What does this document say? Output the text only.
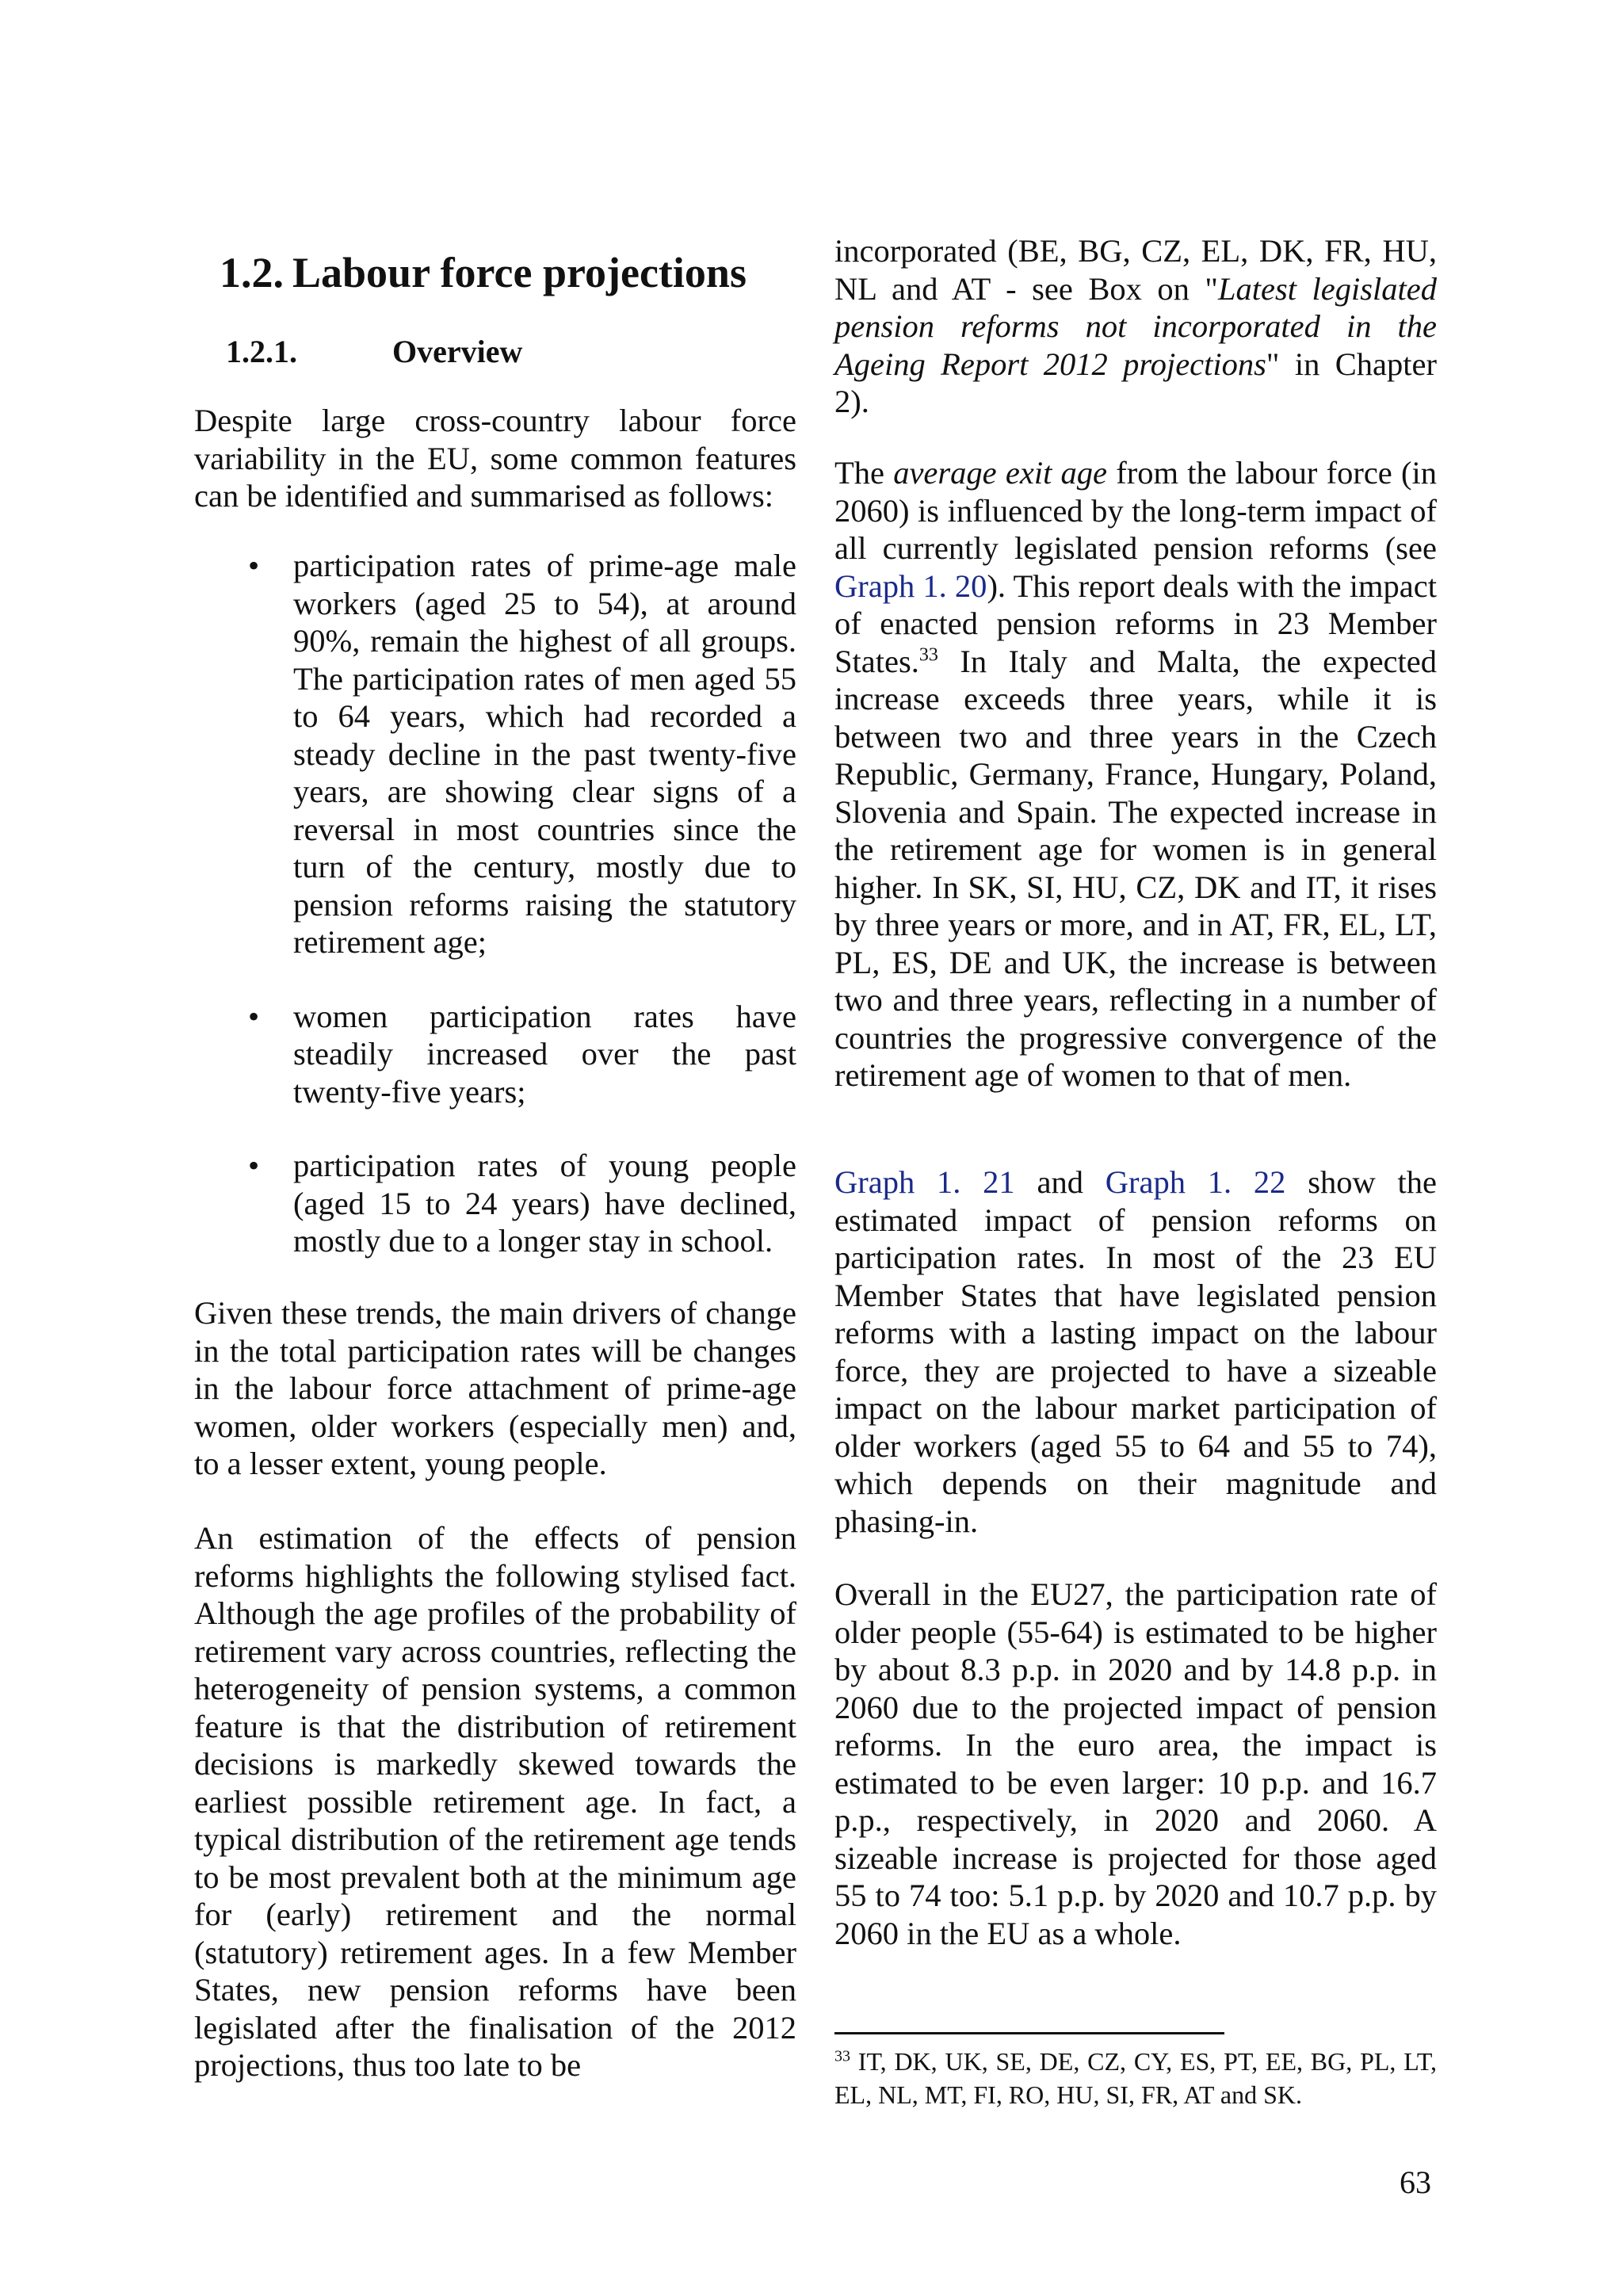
1.2. Labour force projections
1.2.1.	Overview

Despite large cross-country labour force variability in the EU, some common features can be identified and summarised as follows:

• participation rates of prime-age male workers (aged 25 to 54), at around 90%, remain the highest of all groups. The participation rates of men aged 55 to 64 years, which had recorded a steady decline in the past twenty-five years, are showing clear signs of a reversal in most countries since the turn of the century, mostly due to pension reforms raising the statutory retirement age;
• women participation rates have steadily increased over the past twenty-five years;
• participation rates of young people (aged 15 to 24 years) have declined, mostly due to a longer stay in school.

Given these trends, the main drivers of change in the total participation rates will be changes in the labour force attachment of prime-age women, older workers (especially men) and, to a lesser extent, young people.

An estimation of the effects of pension reforms highlights the following stylised fact. Although the age profiles of the probability of retirement vary across countries, reflecting the heterogeneity of pension systems, a common feature is that the distribution of retirement decisions is markedly skewed towards the earliest possible retirement age. In fact, a typical distribution of the retirement age tends to be most prevalent both at the minimum age for (early) retirement and the normal (statutory) retirement ages. In a few Member States, new pension reforms have been legislated after the finalisation of the 2012 projections, thus too late to be

incorporated (BE, BG, CZ, EL, DK, FR, HU, NL and AT - see Box on "Latest legislated pension reforms not incorporated in the Ageing Report 2012 projections" in Chapter 2).

The average exit age from the labour force (in 2060) is influenced by the long-term impact of all currently legislated pension reforms (see Graph 1. 20). This report deals with the impact of enacted pension reforms in 23 Member States.$^{33}$ In Italy and Malta, the expected increase exceeds three years, while it is between two and three years in the Czech Republic, Germany, France, Hungary, Poland, Slovenia and Spain. The expected increase in the retirement age for women is in general higher. In SK, SI, HU, CZ, DK and IT, it rises by three years or more, and in AT, FR, EL, LT, PL, ES, DE and UK, the increase is between two and three years, reflecting in a number of countries the progressive convergence of the retirement age of women to that of men.

Graph 1. 21 and Graph 1. 22 show the estimated impact of pension reforms on participation rates. In most of the 23 EU Member States that have legislated pension reforms with a lasting impact on the labour force, they are projected to have a sizeable impact on the labour market participation of older workers (aged 55 to 64 and 55 to 74), which depends on their magnitude and phasing-in.

Overall in the EU27, the participation rate of older people (55-64) is estimated to be higher by about 8.3 p.p. in 2020 and by 14.8 p.p. in 2060 due to the projected impact of pension reforms. In the euro area, the impact is estimated to be even larger: 10 p.p. and 16.7 p.p., respectively, in 2020 and 2060. A sizeable increase is projected for those aged 55 to 74 too: 5.1 p.p. by 2020 and 10.7 p.p. by 2060 in the EU as a whole.

$^{33}$ IT, DK, UK, SE, DE, CZ, CY, ES, PT, EE, BG, PL, LT, EL, NL, MT, FI, RO, HU, SI, FR, AT and SK.

63
